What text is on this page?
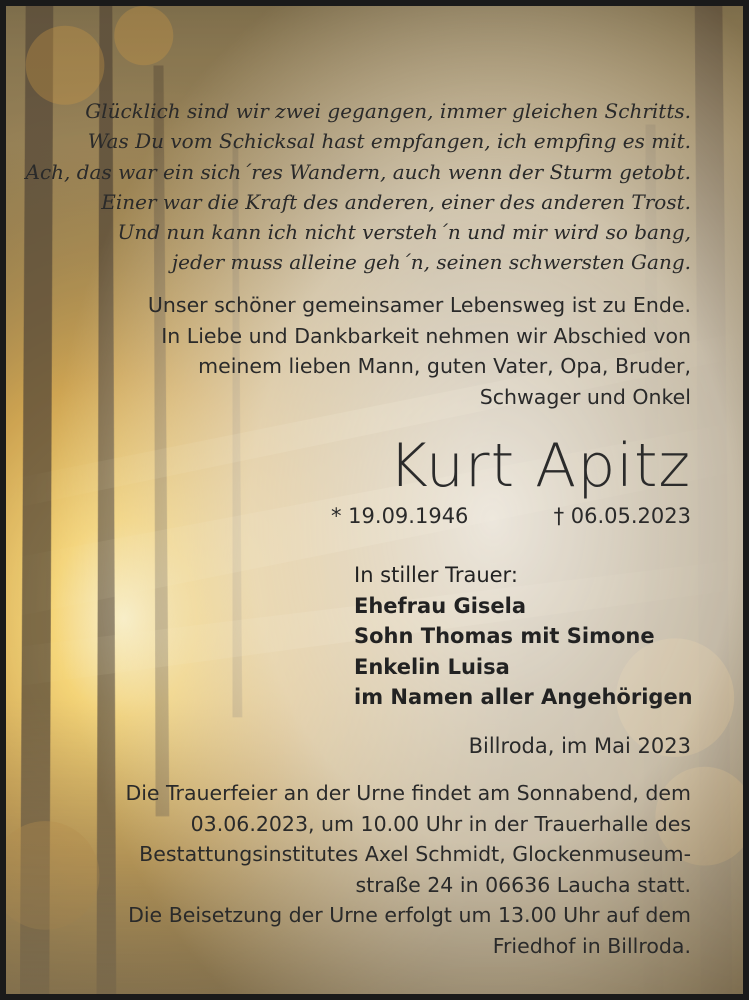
Glücklich sind wir zwei gegangen, immer gleichen Schritts.
Was Du vom Schicksal hast empfangen, ich empfing es mit.
Ach, das war ein sich´res Wandern, auch wenn der Sturm getobt.
Einer war die Kraft des anderen, einer des anderen Trost.
Und nun kann ich nicht versteh´n und mir wird so bang,
jeder muss alleine geh´n, seinen schwersten Gang.
Unser schöner gemeinsamer Lebensweg ist zu Ende.
In Liebe und Dankbarkeit nehmen wir Abschied von
meinem lieben Mann, guten Vater, Opa, Bruder,
Schwager und Onkel
Kurt Apitz
* 19.09.1946	† 06.05.2023
In stiller Trauer:
Ehefrau Gisela
Sohn Thomas mit Simone
Enkelin Luisa
im Namen aller Angehörigen
Billroda, im Mai 2023
Die Trauerfeier an der Urne findet am Sonnabend, dem
03.06.2023, um 10.00 Uhr in der Trauerhalle des
Bestattungsinstitutes Axel Schmidt, Glockenmuseum-
straße 24 in 06636 Laucha statt.
Die Beisetzung der Urne erfolgt um 13.00 Uhr auf dem
Friedhof in Billroda.
